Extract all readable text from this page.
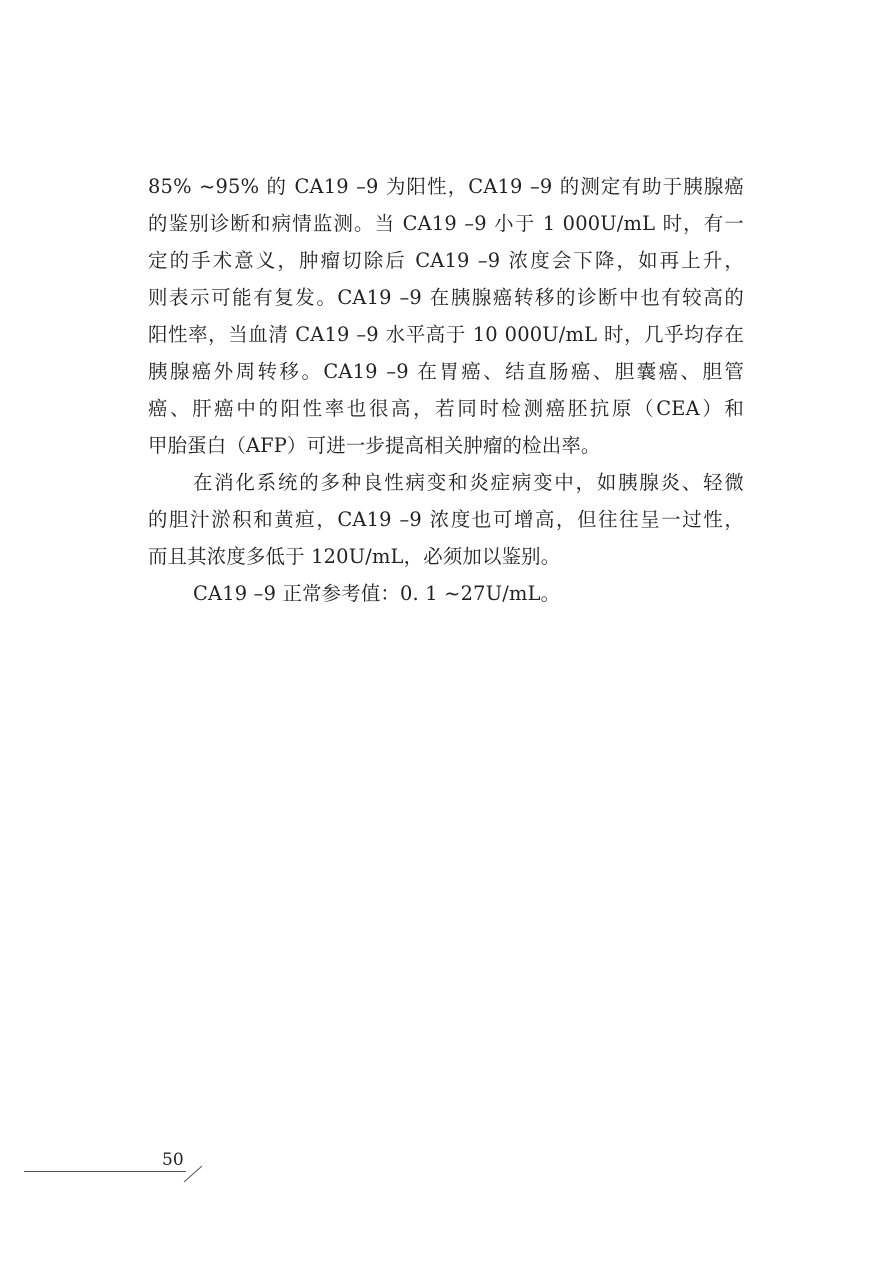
85% ~95% 的 CA19 –9 为阳性，CA19 –9 的测定有助于胰腺癌
的鉴别诊断和病情监测。当 CA19 –9 小于 1 000U/mL 时，有一
定的手术意义，肿瘤切除后 CA19 –9 浓度会下降，如再上升，
则表示可能有复发。CA19 –9 在胰腺癌转移的诊断中也有较高的
阳性率，当血清 CA19 –9 水平高于 10 000U/mL 时，几乎均存在
胰腺癌外周转移。CA19 –9 在胃癌、结直肠癌、胆囊癌、胆管
癌、肝癌中的阳性率也很高，若同时检测癌胚抗原（CEA）和
甲胎蛋白（AFP）可进一步提高相关肿瘤的检出率。
在消化系统的多种良性病变和炎症病变中，如胰腺炎、轻微
的胆汁淤积和黄疸，CA19 –9 浓度也可增高，但往往呈一过性，
而且其浓度多低于 120U/mL，必须加以鉴别。
CA19 –9 正常参考值：0. 1 ~27U/mL。
50
